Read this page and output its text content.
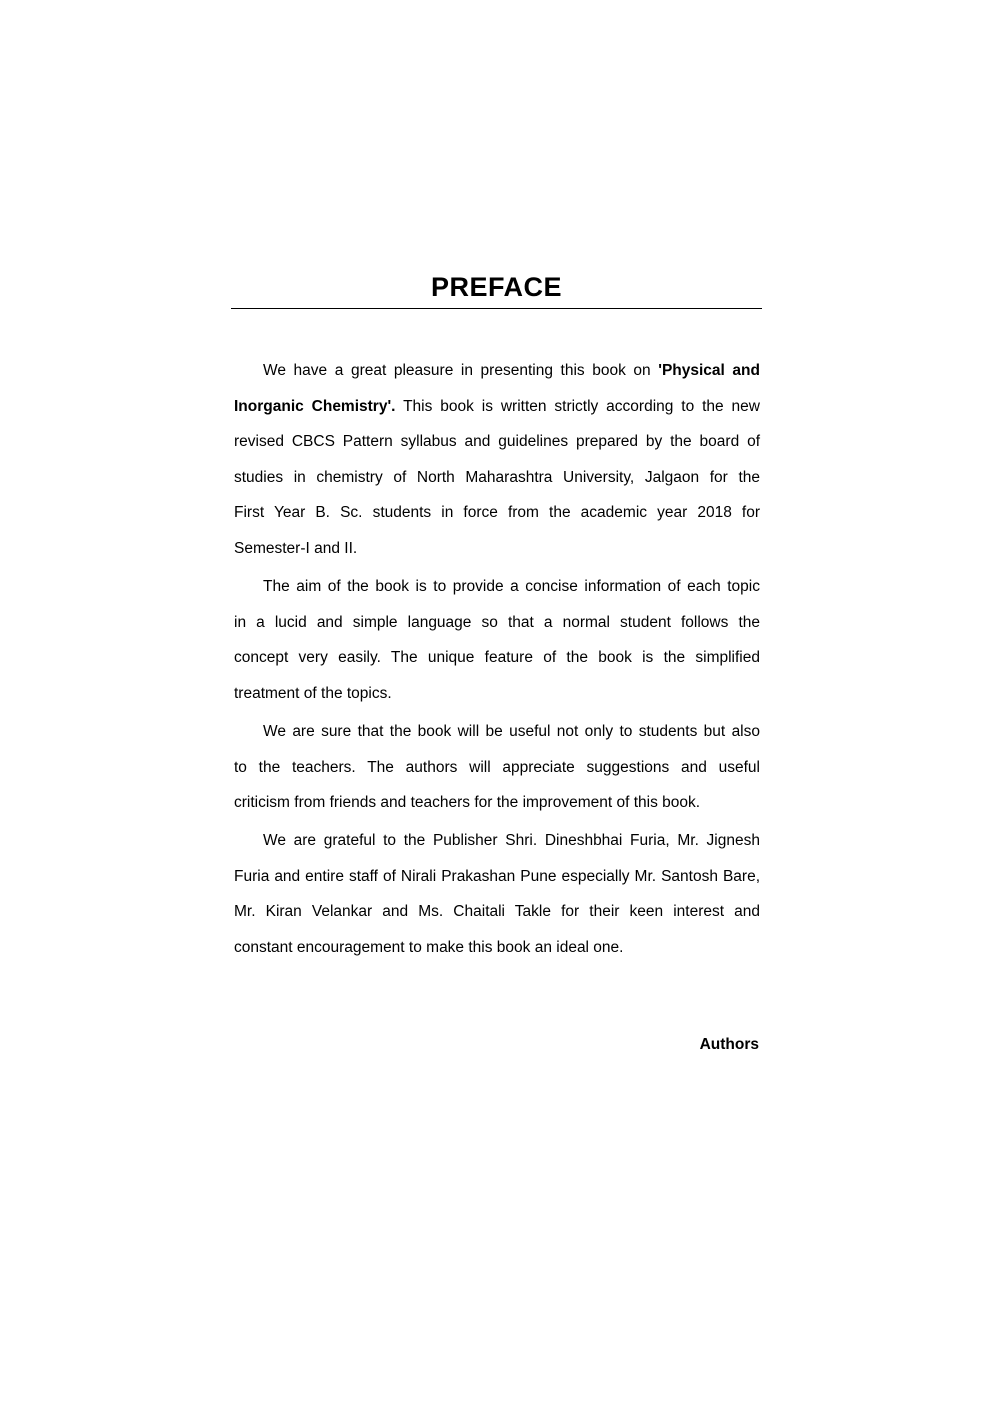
PREFACE
We have a great pleasure in presenting this book on 'Physical and
Inorganic Chemistry'. This book is written strictly according to the new
revised CBCS Pattern syllabus and guidelines prepared by the board of
studies in chemistry of North Maharashtra University, Jalgaon for the
First Year B. Sc. students in force from the academic year 2018 for
Semester-I and II.
The aim of the book is to provide a concise information of each topic
in a lucid and simple language so that a normal student follows the
concept very easily. The unique feature of the book is the simplified
treatment of the topics.
We are sure that the book will be useful not only to students but also
to the teachers. The authors will appreciate suggestions and useful
criticism from friends and teachers for the improvement of this book.
We are grateful to the Publisher Shri. Dineshbhai Furia, Mr. Jignesh
Furia and entire staff of Nirali Prakashan Pune especially Mr. Santosh Bare,
Mr. Kiran Velankar and Ms. Chaitali Takle for their keen interest and
constant encouragement to make this book an ideal one.
Authors
